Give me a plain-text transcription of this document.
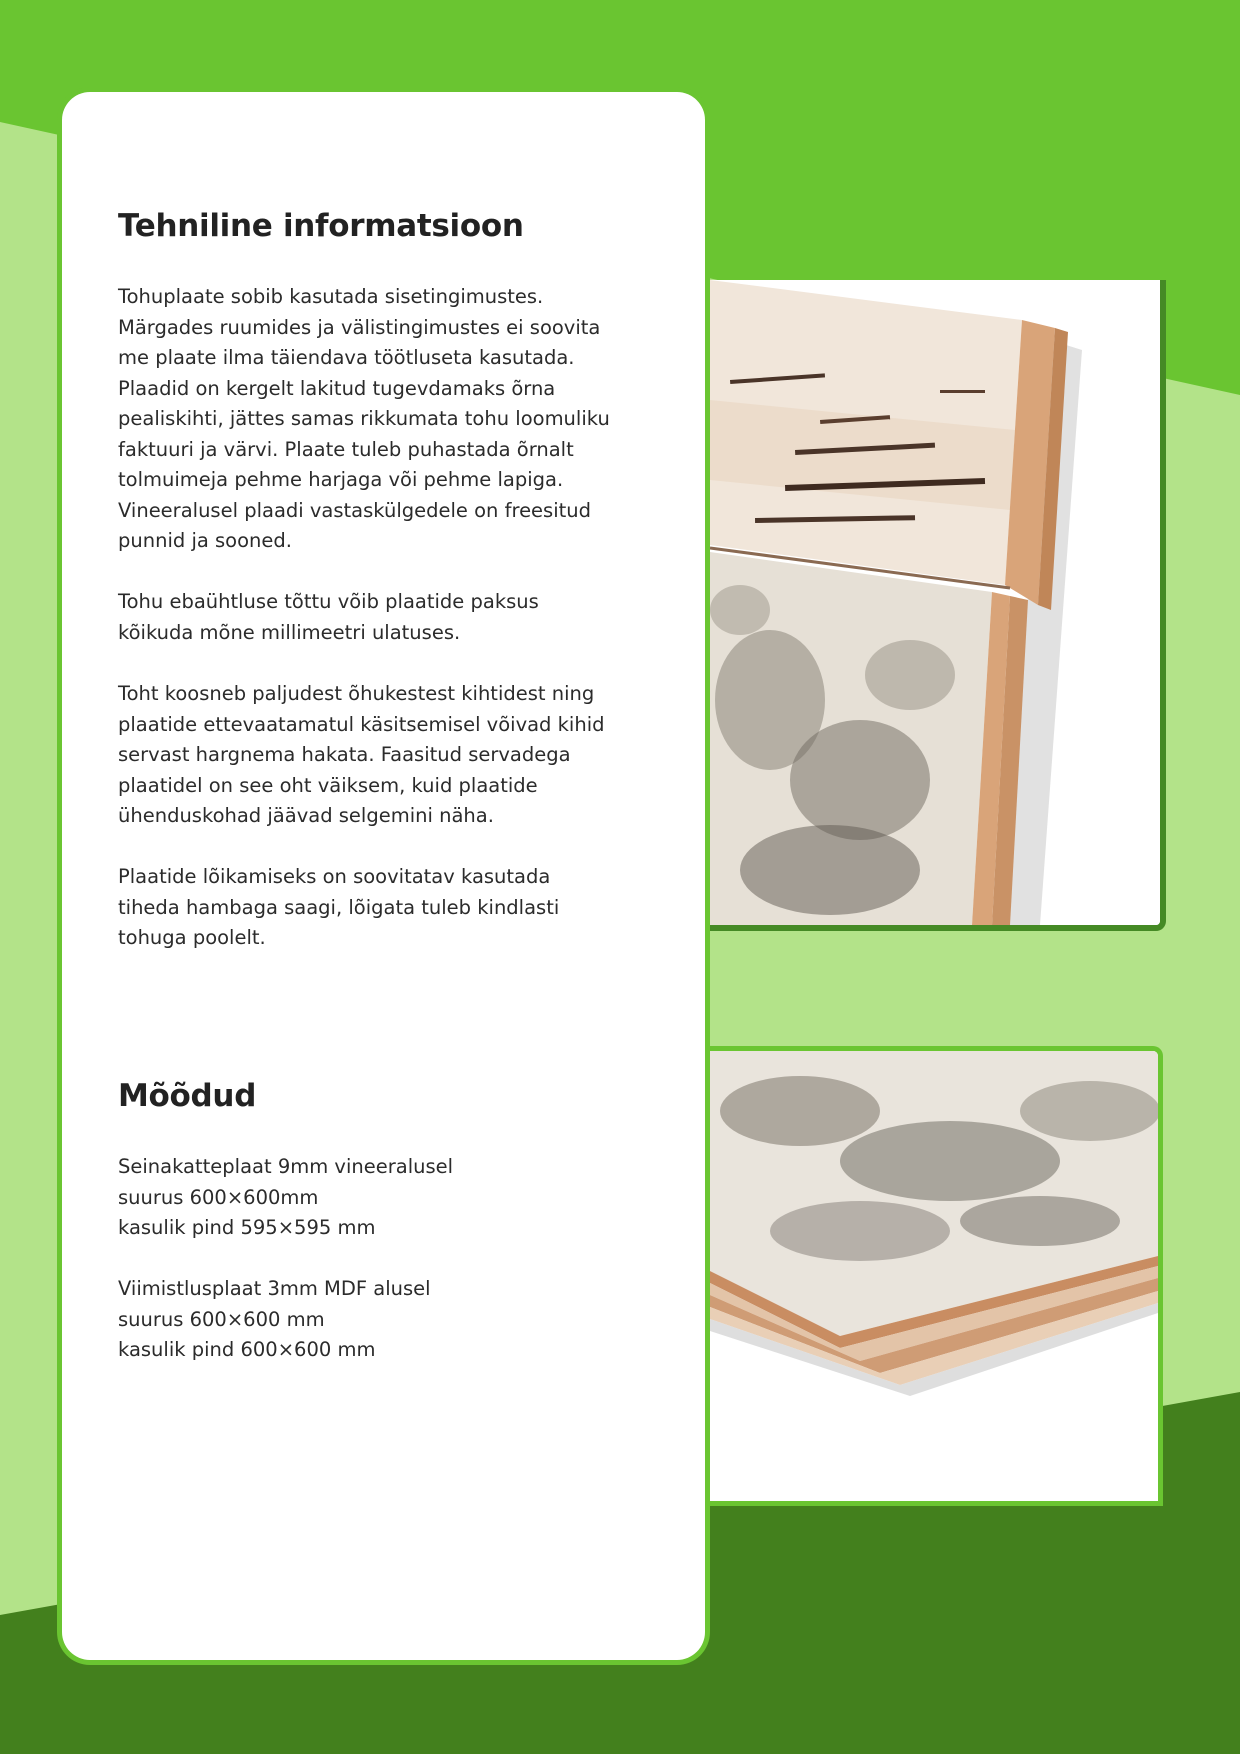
Tehniline informatsioon

Tohuplaate sobib kasutada sisetingimustes.
Märgades ruumides ja välistingimustes ei soovita
me plaate ilma täiendava töötluseta kasutada.
Plaadid on kergelt lakitud tugevdamaks õrna
pealiskihti, jättes samas rikkumata tohu loomuliku
faktuuri ja värvi. Plaate tuleb puhastada õrnalt
tolmuimeja pehme harjaga või pehme lapiga.
Vineeralusel plaadi vastaskülgedele on freesitud
punnid ja sooned.

Tohu ebaühtluse tõttu võib plaatide paksus
kõikuda mõne millimeetri ulatuses.

Toht koosneb paljudest õhukestest kihtidest ning
plaatide ettevaatamatul käsitsemisel võivad kihid
servast hargnema hakata. Faasitud servadega
plaatidel on see oht väiksem, kuid plaatide
ühenduskohad jäävad selgemini näha.

Plaatide lõikamiseks on soovitatav kasutada
tiheda hambaga saagi, lõigata tuleb kindlasti
tohuga poolelt.

Mõõdud

Seinakatteplaat 9mm vineeralusel
suurus 600×600mm
kasulik pind 595×595 mm

Viimistlusplaat 3mm MDF alusel
suurus 600×600 mm
kasulik pind 600×600 mm
